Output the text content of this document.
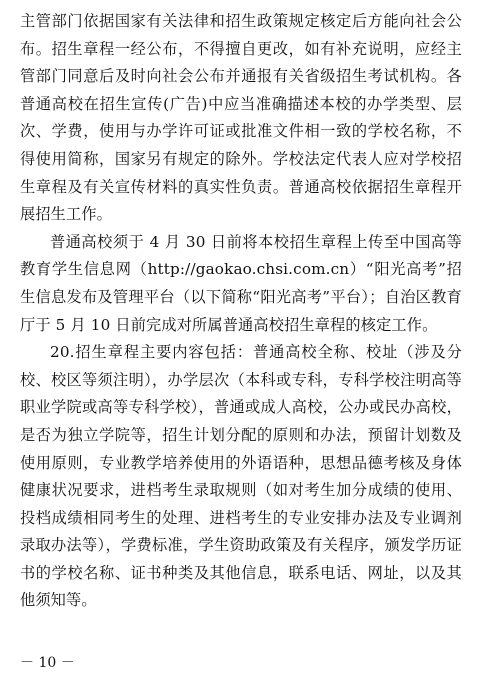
主管部门依据国家有关法律和招生政策规定核定后方能向社会公布。招生章程一经公布，不得擅自更改，如有补充说明，应经主管部门同意后及时向社会公布并通报有关省级招生考试机构。各普通高校在招生宣传(广告)中应当准确描述本校的办学类型、层次、学费，使用与办学许可证或批准文件相一致的学校名称，不得使用简称，国家另有规定的除外。学校法定代表人应对学校招生章程及有关宣传材料的真实性负责。普通高校依据招生章程开展招生工作。

普通高校须于 4 月 30 日前将本校招生章程上传至中国高等教育学生信息网（http://gaokao.chsi.com.cn）“阳光高考”招生信息发布及管理平台（以下简称“阳光高考”平台）；自治区教育厅于 5 月 10 日前完成对所属普通高校招生章程的核定工作。

20.招生章程主要内容包括：普通高校全称、校址（涉及分校、校区等须注明），办学层次（本科或专科，专科学校注明高等职业学院或高等专科学校），普通或成人高校，公办或民办高校，是否为独立学院等，招生计划分配的原则和办法，预留计划数及使用原则，专业教学培养使用的外语语种，思想品德考核及身体健康状况要求，进档考生录取规则（如对考生加分成绩的使用、投档成绩相同考生的处理、进档考生的专业安排办法及专业调剂录取办法等），学费标准，学生资助政策及有关程序，颁发学历证书的学校名称、证书种类及其他信息，联系电话、网址，以及其他须知等。

－ 10 －
